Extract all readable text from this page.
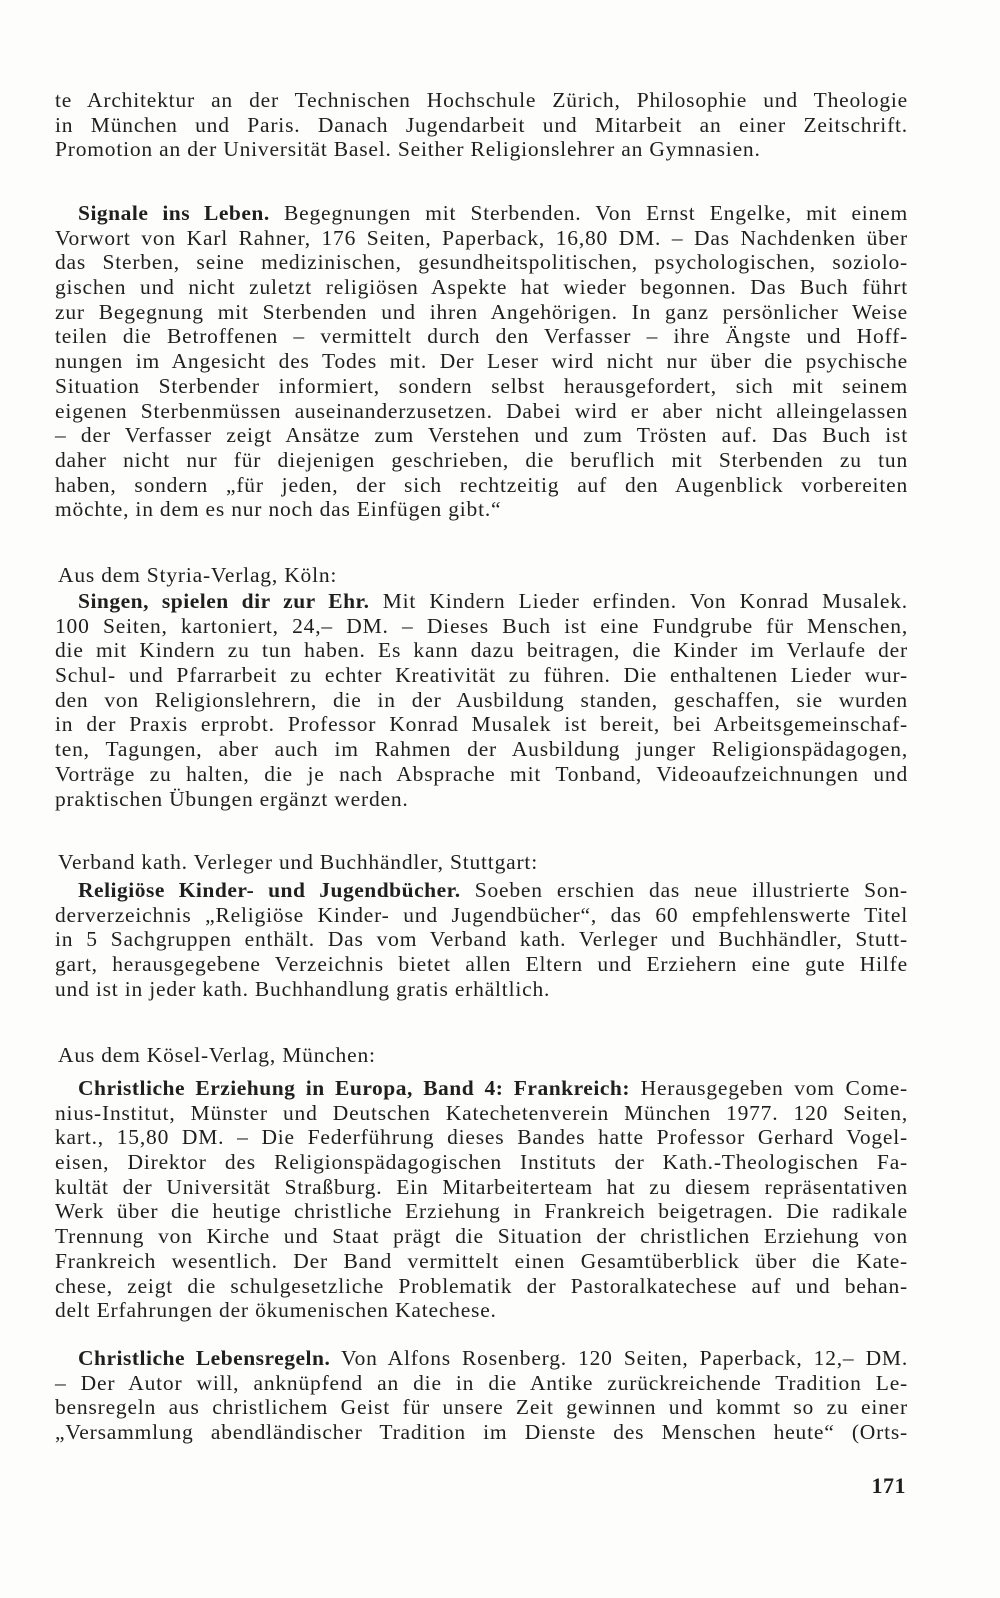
te Architektur an der Technischen Hochschule Zürich, Philosophie und Theologie
in München und Paris. Danach Jugendarbeit und Mitarbeit an einer Zeitschrift.
Promotion an der Universität Basel. Seither Religionslehrer an Gymnasien.
Signale ins Leben. Begegnungen mit Sterbenden. Von Ernst Engelke, mit einem
Vorwort von Karl Rahner, 176 Seiten, Paperback, 16,80 DM. – Das Nachdenken über
das Sterben, seine medizinischen, gesundheitspolitischen, psychologischen, soziolo-
gischen und nicht zuletzt religiösen Aspekte hat wieder begonnen. Das Buch führt
zur Begegnung mit Sterbenden und ihren Angehörigen. In ganz persönlicher Weise
teilen die Betroffenen – vermittelt durch den Verfasser – ihre Ängste und Hoff-
nungen im Angesicht des Todes mit. Der Leser wird nicht nur über die psychische
Situation Sterbender informiert, sondern selbst herausgefordert, sich mit seinem
eigenen Sterbenmüssen auseinanderzusetzen. Dabei wird er aber nicht alleingelassen
– der Verfasser zeigt Ansätze zum Verstehen und zum Trösten auf. Das Buch ist
daher nicht nur für diejenigen geschrieben, die beruflich mit Sterbenden zu tun
haben, sondern „für jeden, der sich rechtzeitig auf den Augenblick vorbereiten
möchte, in dem es nur noch das Einfügen gibt.“
Aus dem Styria-Verlag, Köln:
Singen, spielen dir zur Ehr. Mit Kindern Lieder erfinden. Von Konrad Musalek.
100 Seiten, kartoniert, 24,– DM. – Dieses Buch ist eine Fundgrube für Menschen,
die mit Kindern zu tun haben. Es kann dazu beitragen, die Kinder im Verlaufe der
Schul- und Pfarrarbeit zu echter Kreativität zu führen. Die enthaltenen Lieder wur-
den von Religionslehrern, die in der Ausbildung standen, geschaffen, sie wurden
in der Praxis erprobt. Professor Konrad Musalek ist bereit, bei Arbeitsgemeinschaf-
ten, Tagungen, aber auch im Rahmen der Ausbildung junger Religionspädagogen,
Vorträge zu halten, die je nach Absprache mit Tonband, Videoaufzeichnungen und
praktischen Übungen ergänzt werden.
Verband kath. Verleger und Buchhändler, Stuttgart:
Religiöse Kinder- und Jugendbücher. Soeben erschien das neue illustrierte Son-
derverzeichnis „Religiöse Kinder- und Jugendbücher“, das 60 empfehlenswerte Titel
in 5 Sachgruppen enthält. Das vom Verband kath. Verleger und Buchhändler, Stutt-
gart, herausgegebene Verzeichnis bietet allen Eltern und Erziehern eine gute Hilfe
und ist in jeder kath. Buchhandlung gratis erhältlich.
Aus dem Kösel-Verlag, München:
Christliche Erziehung in Europa, Band 4: Frankreich: Herausgegeben vom Come-
nius-Institut, Münster und Deutschen Katechetenverein München 1977. 120 Seiten,
kart., 15,80 DM. – Die Federführung dieses Bandes hatte Professor Gerhard Vogel-
eisen, Direktor des Religionspädagogischen Instituts der Kath.-Theologischen Fa-
kultät der Universität Straßburg. Ein Mitarbeiterteam hat zu diesem repräsentativen
Werk über die heutige christliche Erziehung in Frankreich beigetragen. Die radikale
Trennung von Kirche und Staat prägt die Situation der christlichen Erziehung von
Frankreich wesentlich. Der Band vermittelt einen Gesamtüberblick über die Kate-
chese, zeigt die schulgesetzliche Problematik der Pastoralkatechese auf und behan-
delt Erfahrungen der ökumenischen Katechese.
Christliche Lebensregeln. Von Alfons Rosenberg. 120 Seiten, Paperback, 12,– DM.
– Der Autor will, anknüpfend an die in die Antike zurückreichende Tradition Le-
bensregeln aus christlichem Geist für unsere Zeit gewinnen und kommt so zu einer
„Versammlung abendländischer Tradition im Dienste des Menschen heute“ (Orts-
171
